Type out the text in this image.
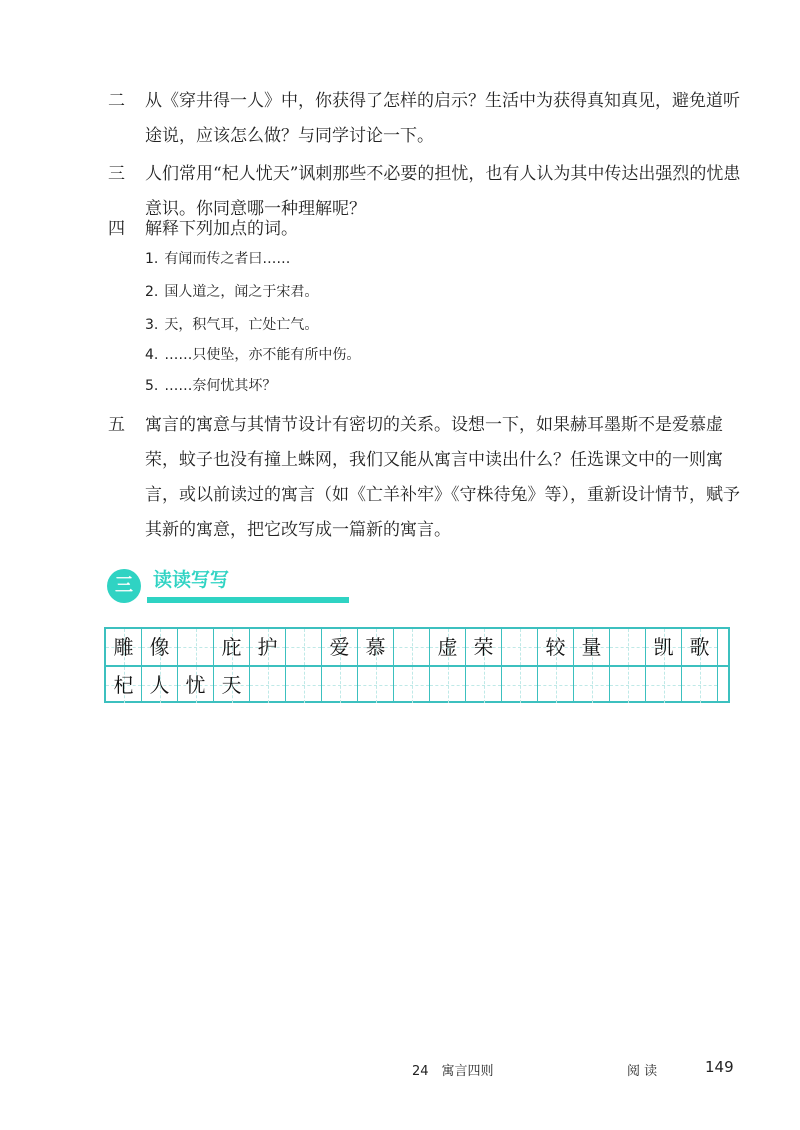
二	从《穿井得一人》中，你获得了怎样的启示？生活中为获得真知真见，避免道听途说，应该怎么做？与同学讨论一下。
三	人们常用“杞人忧天”讽刺那些不必要的担忧，也有人认为其中传达出强烈的忧患意识。你同意哪一种理解呢？
四	解释下列加点的词。
1. 有闻而传之者曰……
2. 国人道之，闻之于宋君。
3. 天，积气耳，亡处亡气。
4. ……只使坠，亦不能有所中伤。
5. ……奈何忧其坏？
五	寓言的寓意与其情节设计有密切的关系。设想一下，如果赫耳墨斯不是爱慕虚荣，蚊子也没有撞上蛛网，我们又能从寓言中读出什么？任选课文中的一则寓言，或以前读过的寓言（如《亡羊补牢》《守株待兔》等），重新设计情节，赋予其新的寓意，把它改写成一篇新的寓言。
三	读读写写
雕 像	庇 护	爱 慕	虚 荣	较 量	凯 歌
杞 人 忧 天
24　寓言四则	阅 读	149
